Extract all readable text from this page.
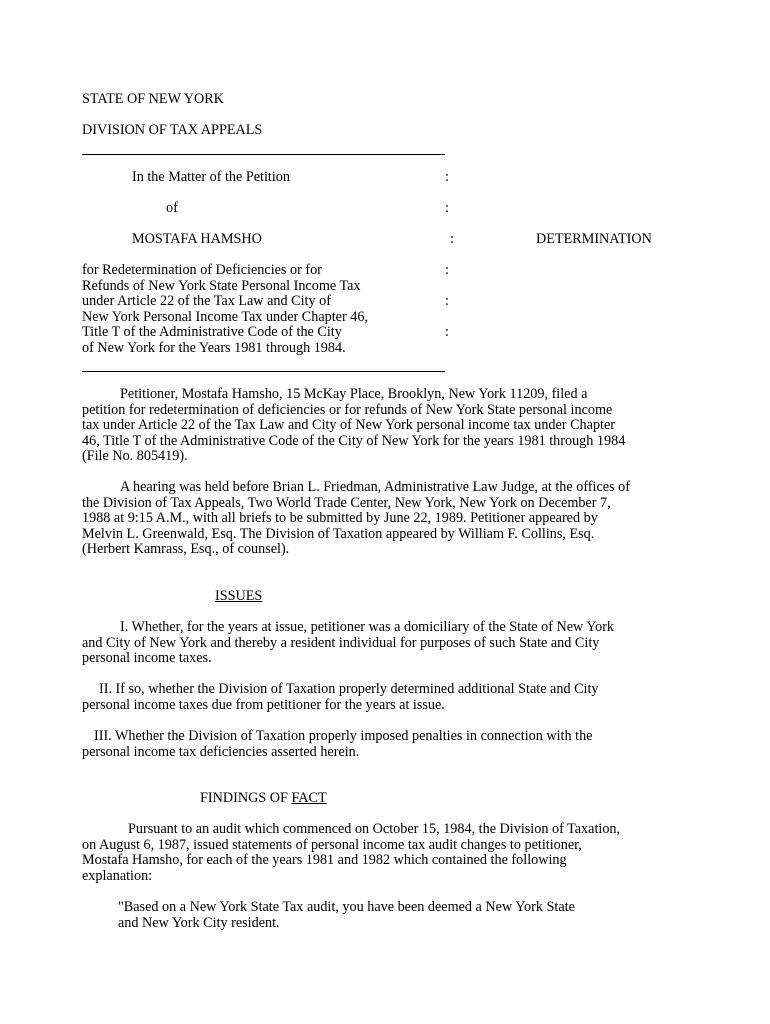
STATE OF NEW YORK
DIVISION OF TAX APPEALS
In the Matter of the Petition	:
of	:
MOSTAFA HAMSHO	:	DETERMINATION
for Redetermination of Deficiencies or for	:
Refunds of New York State Personal Income Tax
under Article 22 of the Tax Law and City of	:
New York Personal Income Tax under Chapter 46,
Title T of the Administrative Code of the City	:
of New York for the Years 1981 through 1984.
Petitioner, Mostafa Hamsho, 15 McKay Place, Brooklyn, New York 11209, filed a
petition for redetermination of deficiencies or for refunds of New York State personal income
tax under Article 22 of the Tax Law and City of New York personal income tax under Chapter
46, Title T of the Administrative Code of the City of New York for the years 1981 through 1984
(File No. 805419).
A hearing was held before Brian L. Friedman, Administrative Law Judge, at the offices of
the Division of Tax Appeals, Two World Trade Center, New York, New York on December 7,
1988 at 9:15 A.M., with all briefs to be submitted by June 22, 1989. Petitioner appeared by
Melvin L. Greenwald, Esq. The Division of Taxation appeared by William F. Collins, Esq.
(Herbert Kamrass, Esq., of counsel).
ISSUES
I. Whether, for the years at issue, petitioner was a domiciliary of the State of New York
and City of New York and thereby a resident individual for purposes of such State and City
personal income taxes.
II. If so, whether the Division of Taxation properly determined additional State and City
personal income taxes due from petitioner for the years at issue.
III. Whether the Division of Taxation properly imposed penalties in connection with the
personal income tax deficiencies asserted herein.
FINDINGS OF FACT
Pursuant to an audit which commenced on October 15, 1984, the Division of Taxation,
on August 6, 1987, issued statements of personal income tax audit changes to petitioner,
Mostafa Hamsho, for each of the years 1981 and 1982 which contained the following
explanation:
"Based on a New York State Tax audit, you have been deemed a New York State
and New York City resident.
